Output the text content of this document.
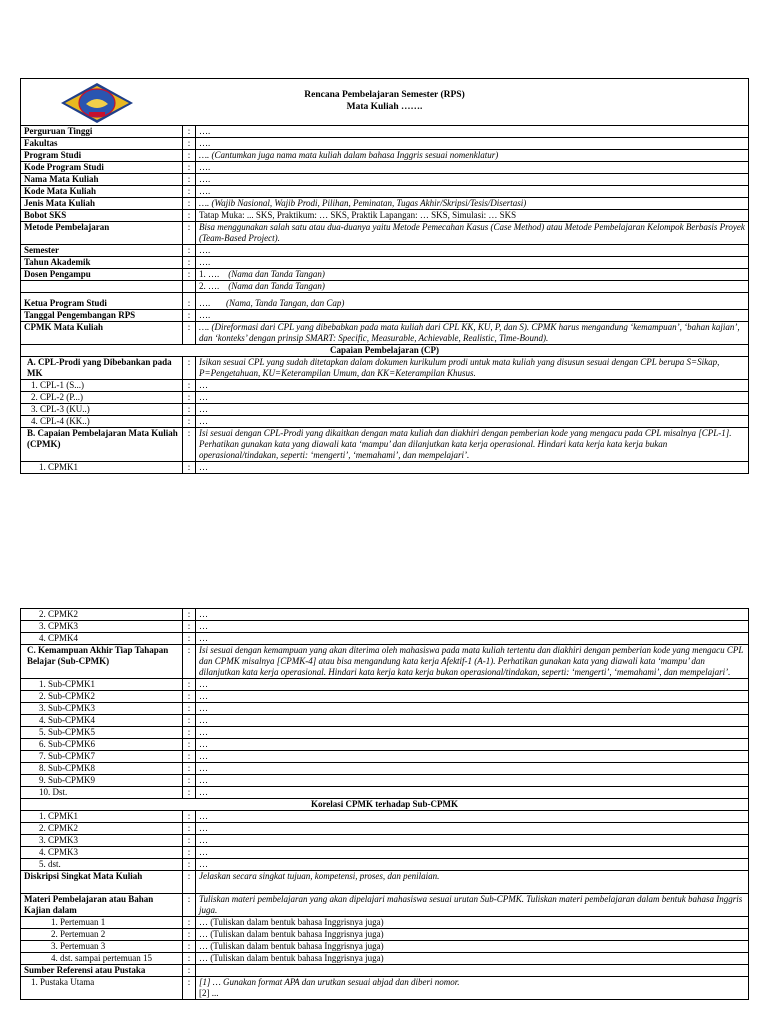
Rencana Pembelajaran Semester (RPS)
Mata Kuliah …….		

Perguruan Tinggi	:	….
Fakultas	:	….
Program Studi	:	…. (Cantumkan juga nama mata kuliah dalam bahasa Inggris sesuai nomenklatur)
Kode Program Studi	:	….
Nama Mata Kuliah	:	….
Kode Mata Kuliah	:	….
Jenis Mata Kuliah	:	…. (Wajib Nasional, Wajib Prodi, Pilihan, Peminatan, Tugas Akhir/Skripsi/Tesis/Disertasi)
Bobot SKS	:	Tatap Muka: ... SKS, Praktikum: … SKS, Praktik Lapangan: … SKS, Simulasi: … SKS
Metode Pembelajaran	:	Bisa menggunakan salah satu atau dua-duanya yaitu Metode Pemecahan Kasus (Case Method) atau Metode Pembelajaran Kelompok Berbasis Proyek (Team-Based Project).
Semester	:	….
Tahun Akademik	:	….
Dosen Pengampu	:	1. …. (Nama dan Tanda Tangan)
		2. …. (Nama dan Tanda Tangan)
Ketua Program Studi	:	…. (Nama, Tanda Tangan, dan Cap)
Tanggal Pengembangan RPS	:	….
CPMK Mata Kuliah	:	…. (Direformasi dari CPL yang dibebabkan pada mata kuliah dari CPL KK, KU, P, dan S). CPMK harus mengandung ‘kemampuan’, ‘bahan kajian’, dan ‘konteks’ dengan prinsip SMART: Specific, Measurable, Achievable, Realistic, Time-Bound).
Capaian Pembelajaran (CP)		
A. CPL-Prodi yang Dibebankan pada MK	:	Isikan sesuai CPL yang sudah ditetapkan dalam dokumen kurikulum prodi untuk mata kuliah yang disusun sesuai dengan CPL berupa S=Sikap, P=Pengetahuan, KU=Keterampilan Umum, dan KK=Keterampilan Khusus.
1. CPL-1 (S...)	:	…
2. CPL-2 (P...)	:	…
3. CPL-3 (KU..)	:	…
4. CPL-4 (KK..)	:	…
B. Capaian Pembelajaran Mata Kuliah (CPMK)	:	Isi sesuai dengan CPL-Prodi yang dikaitkan dengan mata kuliah dan diakhiri dengan pemberian kode yang mengacu pada CPL misalnya [CPL-1]. Perhatikan gunakan kata yang diawali kata ‘mampu’ dan dilanjutkan kata kerja operasional. Hindari kata kerja kata kerja bukan operasional/tindakan, seperti: ‘mengerti’, ‘memahami’, dan mempelajari’.
1. CPMK1	:	…
2. CPMK2	:	…
3. CPMK3	:	…
4. CPMK4	:	…
C. Kemampuan Akhir Tiap Tahapan Belajar (Sub-CPMK)	:	Isi sesuai dengan kemampuan yang akan diterima oleh mahasiswa pada mata kuliah tertentu dan diakhiri dengan pemberian kode yang mengacu CPL dan CPMK misalnya [CPMK-4] atau bisa mengandung kata kerja Afektif-1 (A-1). Perhatikan gunakan kata yang diawali kata ‘mampu’ dan dilanjutkan kata kerja operasional. Hindari kata kerja kata kerja bukan operasional/tindakan, seperti: ‘mengerti’, ‘memahami’, dan mempelajari’.
1. Sub-CPMK1	:	…
2. Sub-CPMK2	:	…
3. Sub-CPMK3	:	…
4. Sub-CPMK4	:	…
5. Sub-CPMK5	:	…
6. Sub-CPMK6	:	…
7. Sub-CPMK7	:	…
8. Sub-CPMK8	:	…
9. Sub-CPMK9	:	…
10. Dst.	:	…
Korelasi CPMK terhadap Sub-CPMK		
1. CPMK1	:	…
2. CPMK2	:	…
3. CPMK3	:	…
4. CPMK3	:	…
5. dst.	:	…
Diskripsi Singkat Mata Kuliah	:	Jelaskan secara singkat tujuan, kompetensi, proses, dan penilaian.
Materi Pembelajaran atau Bahan Kajian dalam	:	Tuliskan materi pembelajaran yang akan dipelajari mahasiswa sesuai urutan Sub-CPMK. Tuliskan materi pembelajaran dalam bentuk bahasa Inggris juga.
1. Pertemuan 1	:	… (Tuliskan dalam bentuk bahasa Inggrisnya juga)
2. Pertemuan 2	:	… (Tuliskan dalam bentuk bahasa Inggrisnya juga)
3. Pertemuan 3	:	… (Tuliskan dalam bentuk bahasa Inggrisnya juga)
4. dst. sampai pertemuan 15	:	… (Tuliskan dalam bentuk bahasa Inggrisnya juga)
Sumber Referensi atau Pustaka	:	
1. Pustaka Utama	:	[1] … Gunakan format APA dan urutkan sesuai abjad dan diberi nomor.
[2] ...
